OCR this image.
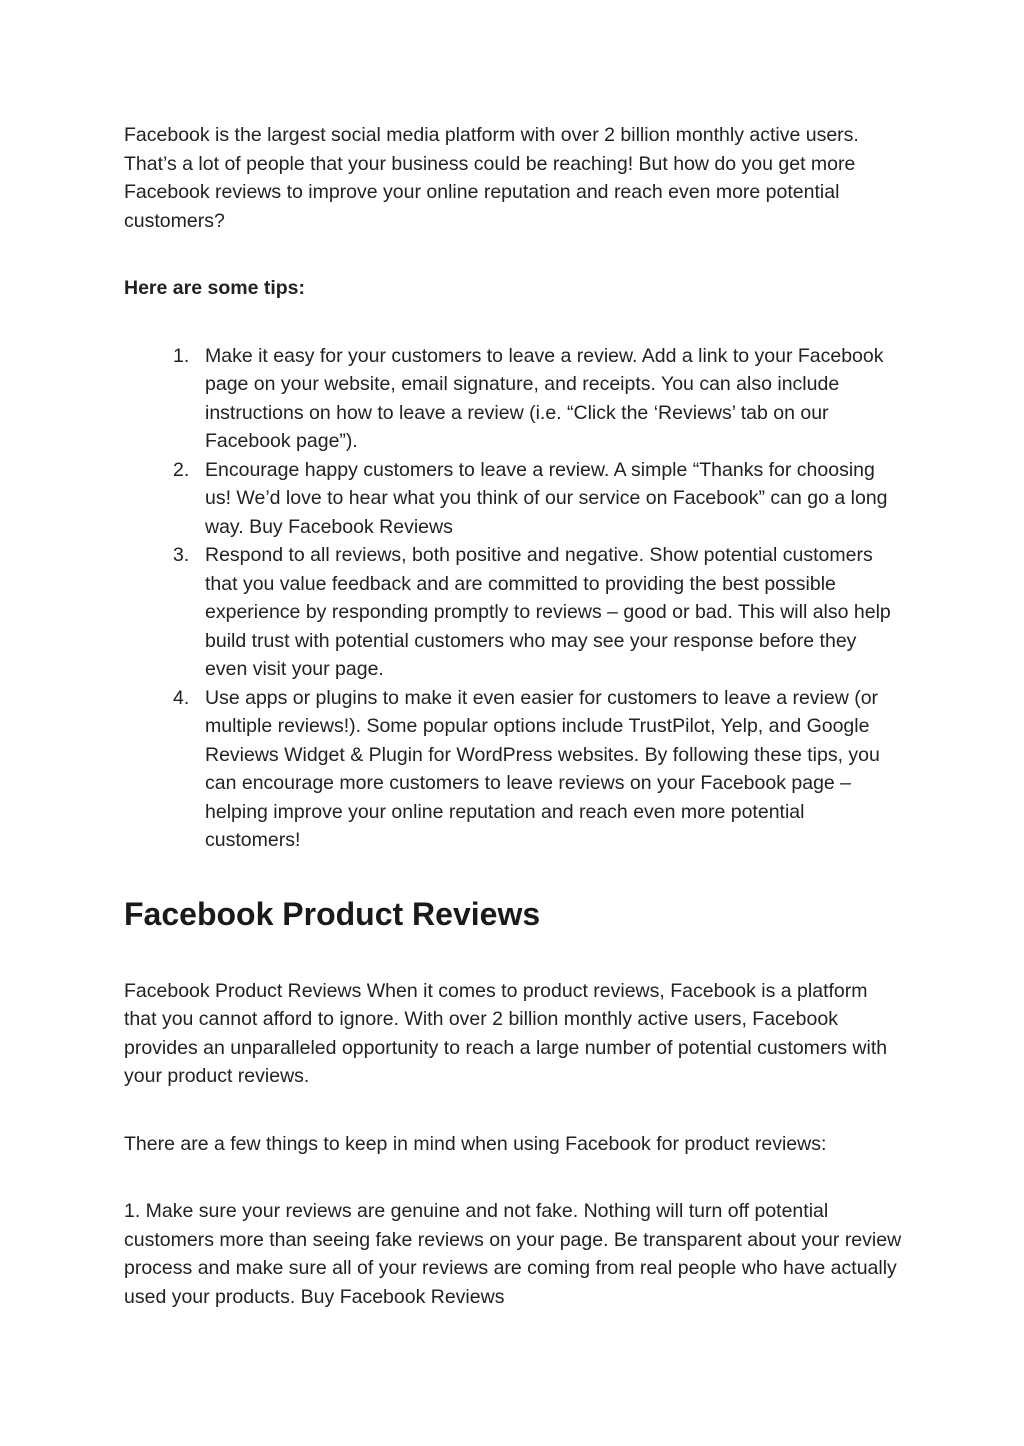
Facebook is the largest social media platform with over 2 billion monthly active users. That’s a lot of people that your business could be reaching! But how do you get more Facebook reviews to improve your online reputation and reach even more potential customers?

Here are some tips:

1. Make it easy for your customers to leave a review. Add a link to your Facebook page on your website, email signature, and receipts. You can also include instructions on how to leave a review (i.e. “Click the ‘Reviews’ tab on our Facebook page”).
2. Encourage happy customers to leave a review. A simple “Thanks for choosing us! We’d love to hear what you think of our service on Facebook” can go a long way. Buy Facebook Reviews
3. Respond to all reviews, both positive and negative. Show potential customers that you value feedback and are committed to providing the best possible experience by responding promptly to reviews – good or bad. This will also help build trust with potential customers who may see your response before they even visit your page.
4. Use apps or plugins to make it even easier for customers to leave a review (or multiple reviews!). Some popular options include TrustPilot, Yelp, and Google Reviews Widget & Plugin for WordPress websites. By following these tips, you can encourage more customers to leave reviews on your Facebook page – helping improve your online reputation and reach even more potential customers!
Facebook Product Reviews

Facebook Product Reviews When it comes to product reviews, Facebook is a platform that you cannot afford to ignore. With over 2 billion monthly active users, Facebook provides an unparalleled opportunity to reach a large number of potential customers with your product reviews.

There are a few things to keep in mind when using Facebook for product reviews:

1. Make sure your reviews are genuine and not fake. Nothing will turn off potential customers more than seeing fake reviews on your page. Be transparent about your review process and make sure all of your reviews are coming from real people who have actually used your products. Buy Facebook Reviews
